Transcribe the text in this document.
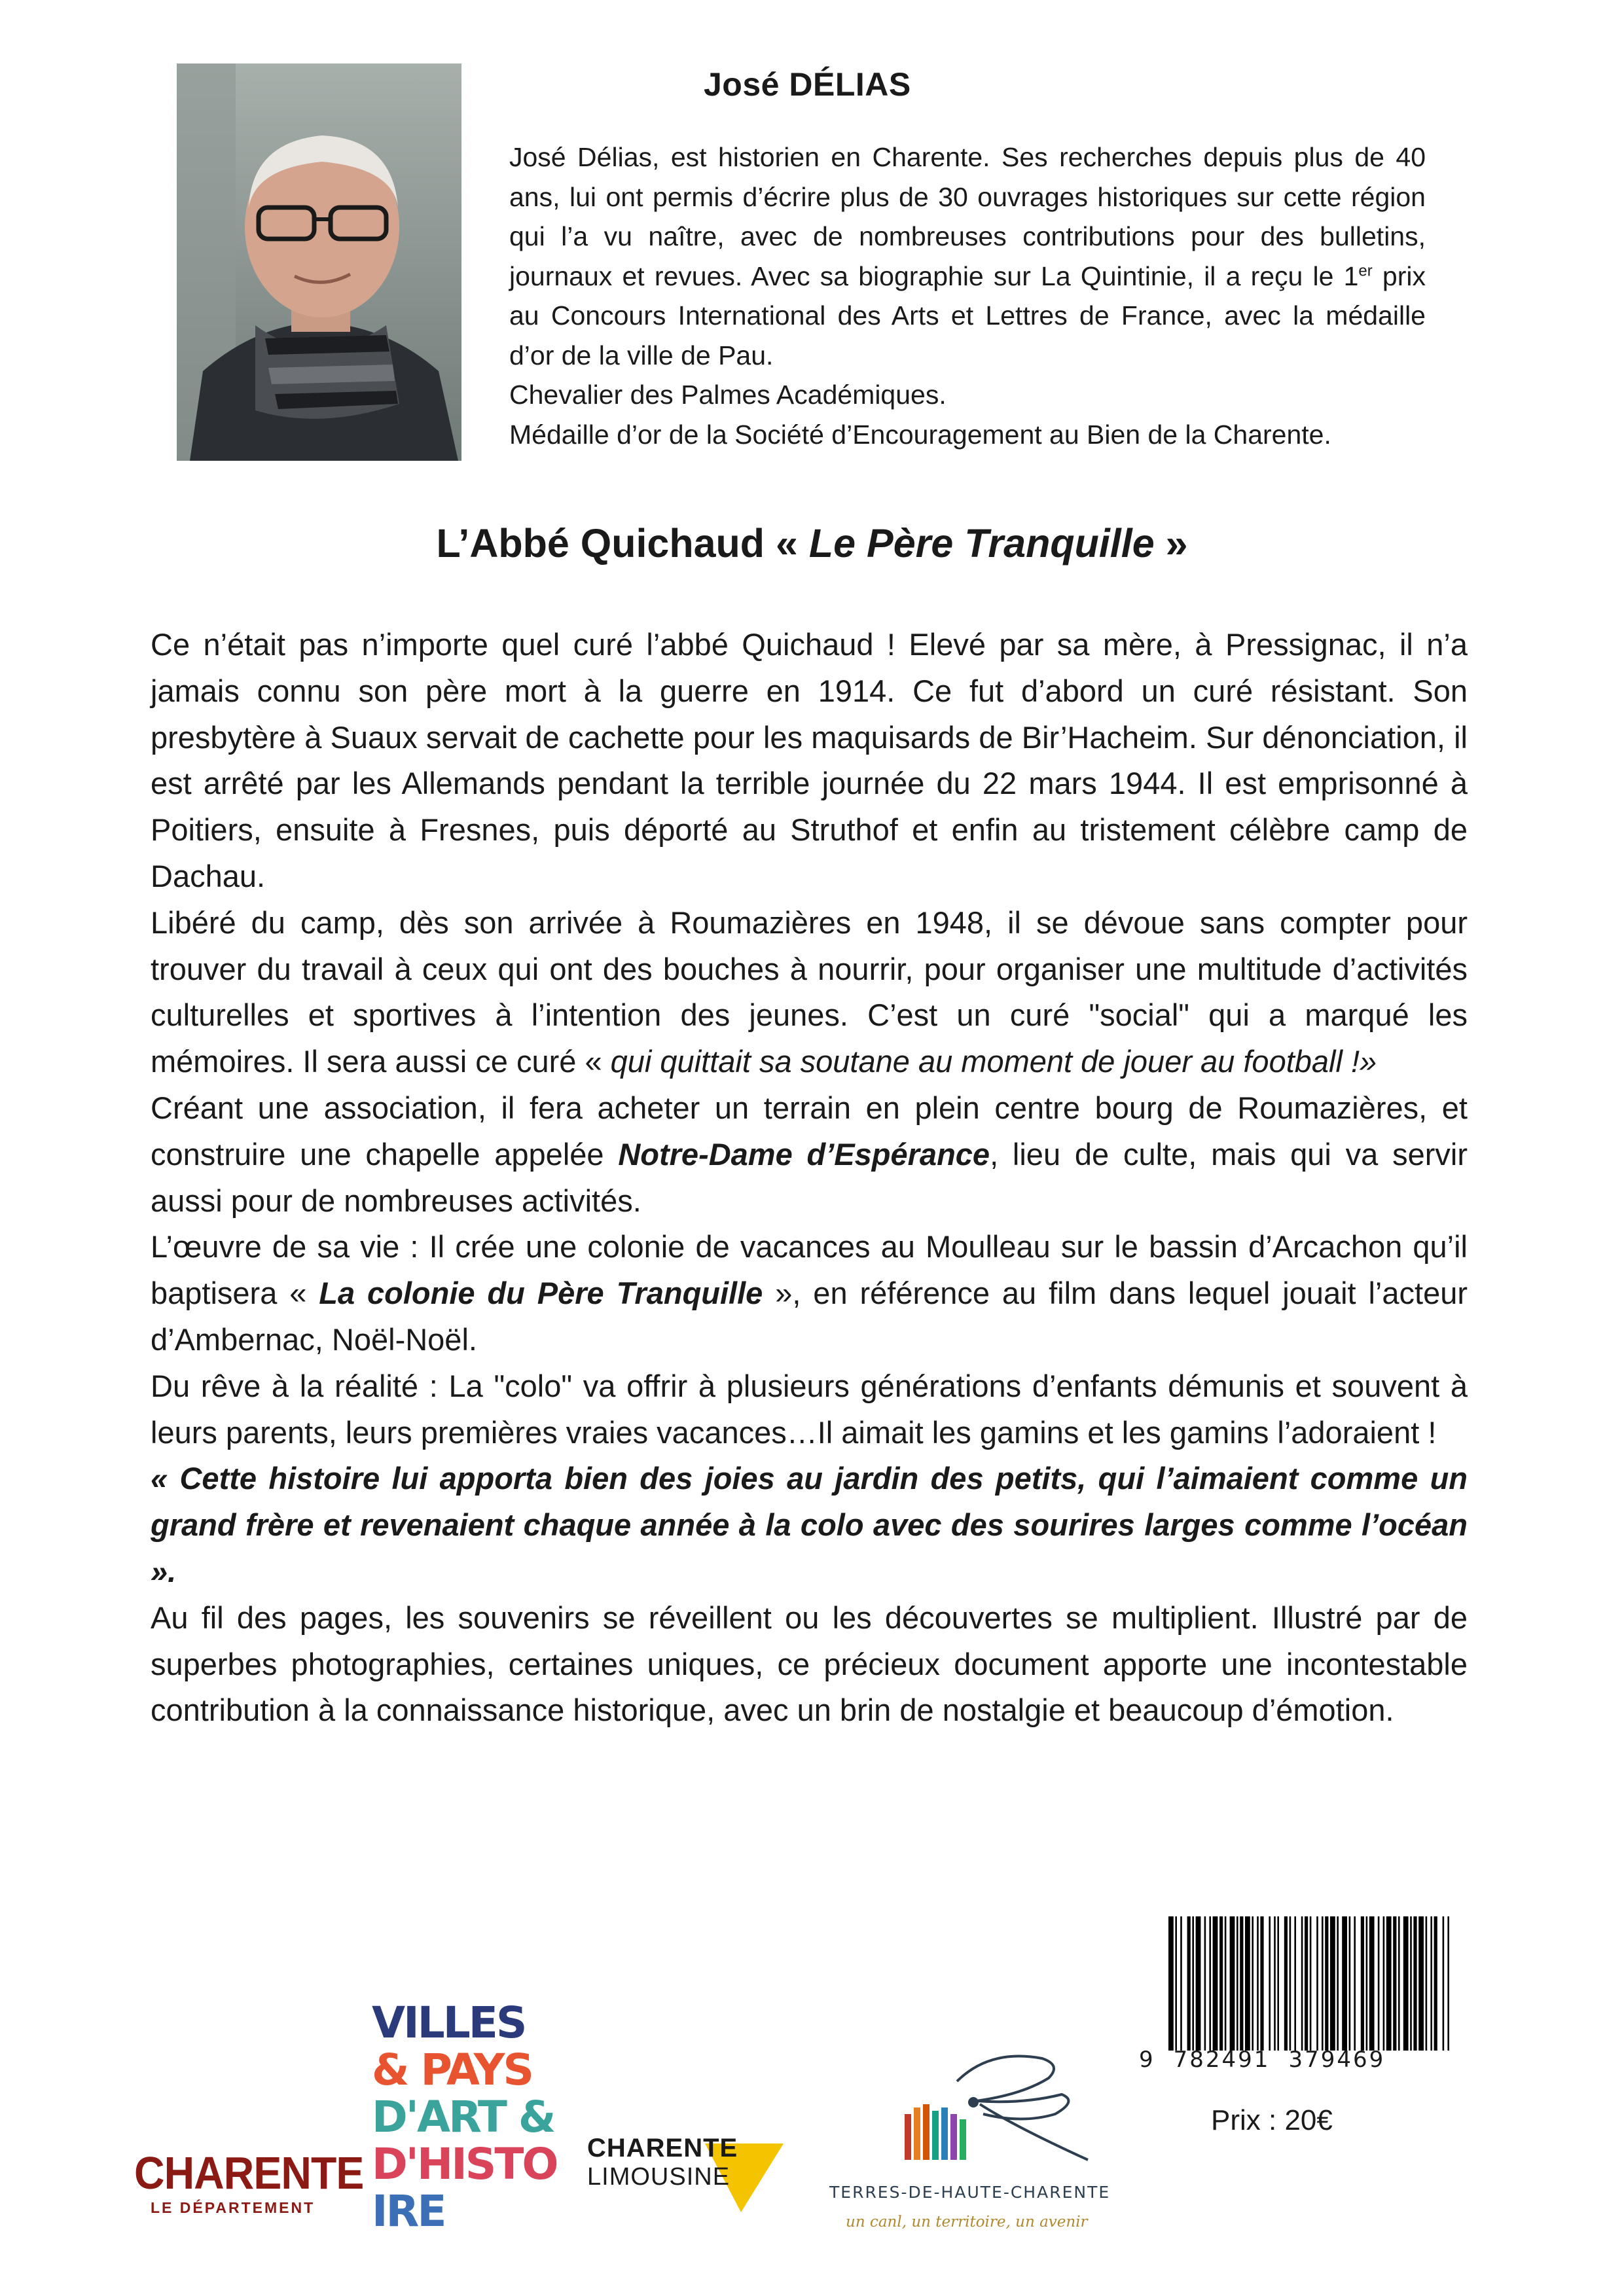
José DÉLIAS

José Délias, est historien en Charente. Ses recherches depuis plus de 40 ans, lui ont permis d’écrire plus de 30 ouvrages historiques sur cette région qui l’a vu naître, avec de nombreuses contributions pour des bulletins, journaux et revues. Avec sa biographie sur La Quintinie, il a reçu le 1er prix au Concours International des Arts et Lettres de France, avec la médaille d’or de la ville de Pau.

Chevalier des Palmes Académiques.

Médaille d’or de la Société d’Encouragement au Bien de la Charente.

L’Abbé Quichaud « Le Père Tranquille »

Ce n’était pas n’importe quel curé l’abbé Quichaud ! Elevé par sa mère, à Pressignac, il n’a jamais connu son père mort à la guerre en 1914. Ce fut d’abord un curé résistant. Son presbytère à Suaux servait de cachette pour les maquisards de Bir’Hacheim. Sur dénonciation, il est arrêté par les Allemands pendant la terrible journée du 22 mars 1944. Il est emprisonné à Poitiers, ensuite à Fresnes, puis déporté au Struthof et enfin au tristement célèbre camp de Dachau.

Libéré du camp, dès son arrivée à Roumazières en 1948, il se dévoue sans compter pour trouver du travail à ceux qui ont des bouches à nourrir, pour organiser une multitude d’activités culturelles et sportives à l’intention des jeunes. C’est un curé "social" qui a marqué les mémoires. Il sera aussi ce curé « qui quittait sa soutane au moment de jouer au football !»

Créant une association, il fera acheter un terrain en plein centre bourg de Roumazières, et construire une chapelle appelée Notre-Dame d’Espérance, lieu de culte, mais qui va servir aussi pour de nombreuses activités.

L’œuvre de sa vie : Il crée une colonie de vacances au Moulleau sur le bassin d’Arcachon qu’il baptisera « La colonie du Père Tranquille », en référence au film dans lequel jouait l’acteur d’Ambernac, Noël-Noël.

Du rêve à la réalité : La "colo" va offrir à plusieurs générations d’enfants démunis et souvent à leurs parents, leurs premières vraies vacances…Il aimait les gamins et les gamins l’adoraient !

« Cette histoire lui apporta bien des joies au jardin des petits, qui l’aimaient comme un grand frère et revenaient chaque année à la colo avec des sourires larges comme l’océan ».

Au fil des pages, les souvenirs se réveillent ou les découvertes se multiplient. Illustré par de superbes photographies, certaines uniques, ce précieux document apporte une incontestable contribution à la connaissance historique, avec un brin de nostalgie et beaucoup d’émotion.

9 782491 379469
Prix : 20€
CHARENTE
LE DÉPARTEMENT
VILLES
& PAYS
D'ART &
D'HISTO
IRE
CHARENTE
LIMOUSINE
TERRES-DE-HAUTE-CHARENTE
un canl, un territoire, un avenir
